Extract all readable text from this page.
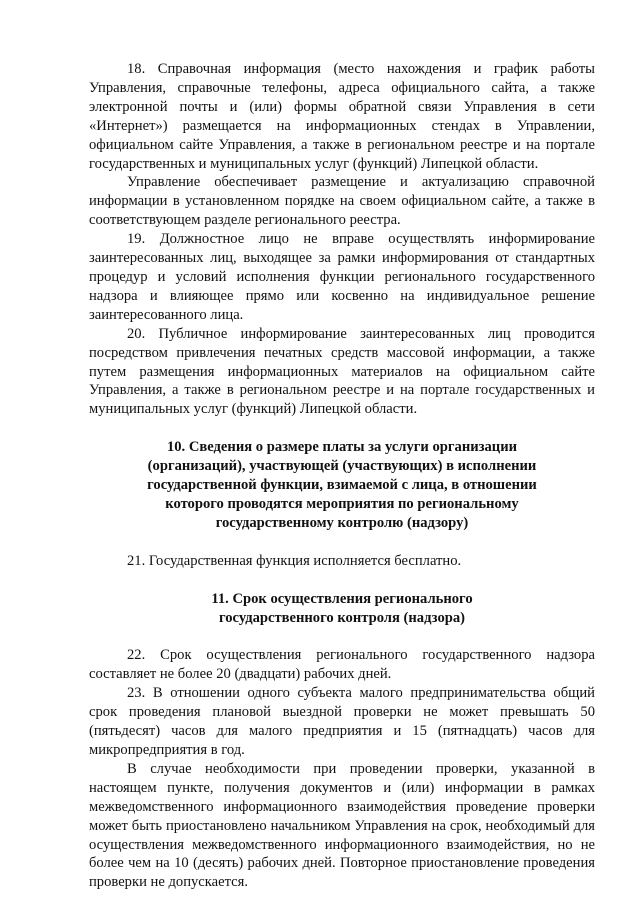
18. Справочная информация (место нахождения и график работы Управления, справочные телефоны, адреса официального сайта, а также электронной почты и (или) формы обратной связи Управления в сети «Интернет») размещается на информационных стендах в Управлении, официальном сайте Управления, а также в региональном реестре и на портале государственных и муниципальных услуг (функций) Липецкой области.

Управление обеспечивает размещение и актуализацию справочной информации в установленном порядке на своем официальном сайте, а также в соответствующем разделе регионального реестра.

19. Должностное лицо не вправе осуществлять информирование заинтересованных лиц, выходящее за рамки информирования от стандартных процедур и условий исполнения функции регионального государственного надзора и влияющее прямо или косвенно на индивидуальное решение заинтересованного лица.

20. Публичное информирование заинтересованных лиц проводится посредством привлечения печатных средств массовой информации, а также путем размещения информационных материалов на официальном сайте Управления, а также в региональном реестре и на портале государственных и муниципальных услуг (функций) Липецкой области.

10. Сведения о размере платы за услуги организации
(организаций), участвующей (участвующих) в исполнении
государственной функции, взимаемой с лица, в отношении
которого проводятся мероприятия по региональному
государственному контролю (надзору)

21. Государственная функция исполняется бесплатно.

11. Срок осуществления регионального
государственного контроля (надзора)

22. Срок осуществления регионального государственного надзора составляет не более 20 (двадцати) рабочих дней.

23. В отношении одного субъекта малого предпринимательства общий срок проведения плановой выездной проверки не может превышать 50 (пятьдесят) часов для малого предприятия и 15 (пятнадцать) часов для микропредприятия в год.

В случае необходимости при проведении проверки, указанной в настоящем пункте, получения документов и (или) информации в рамках межведомственного информационного взаимодействия проведение проверки может быть приостановлено начальником Управления на срок, необходимый для осуществления межведомственного информационного взаимодействия, но не более чем на 10 (десять) рабочих дней. Повторное приостановление проведения проверки не допускается.
